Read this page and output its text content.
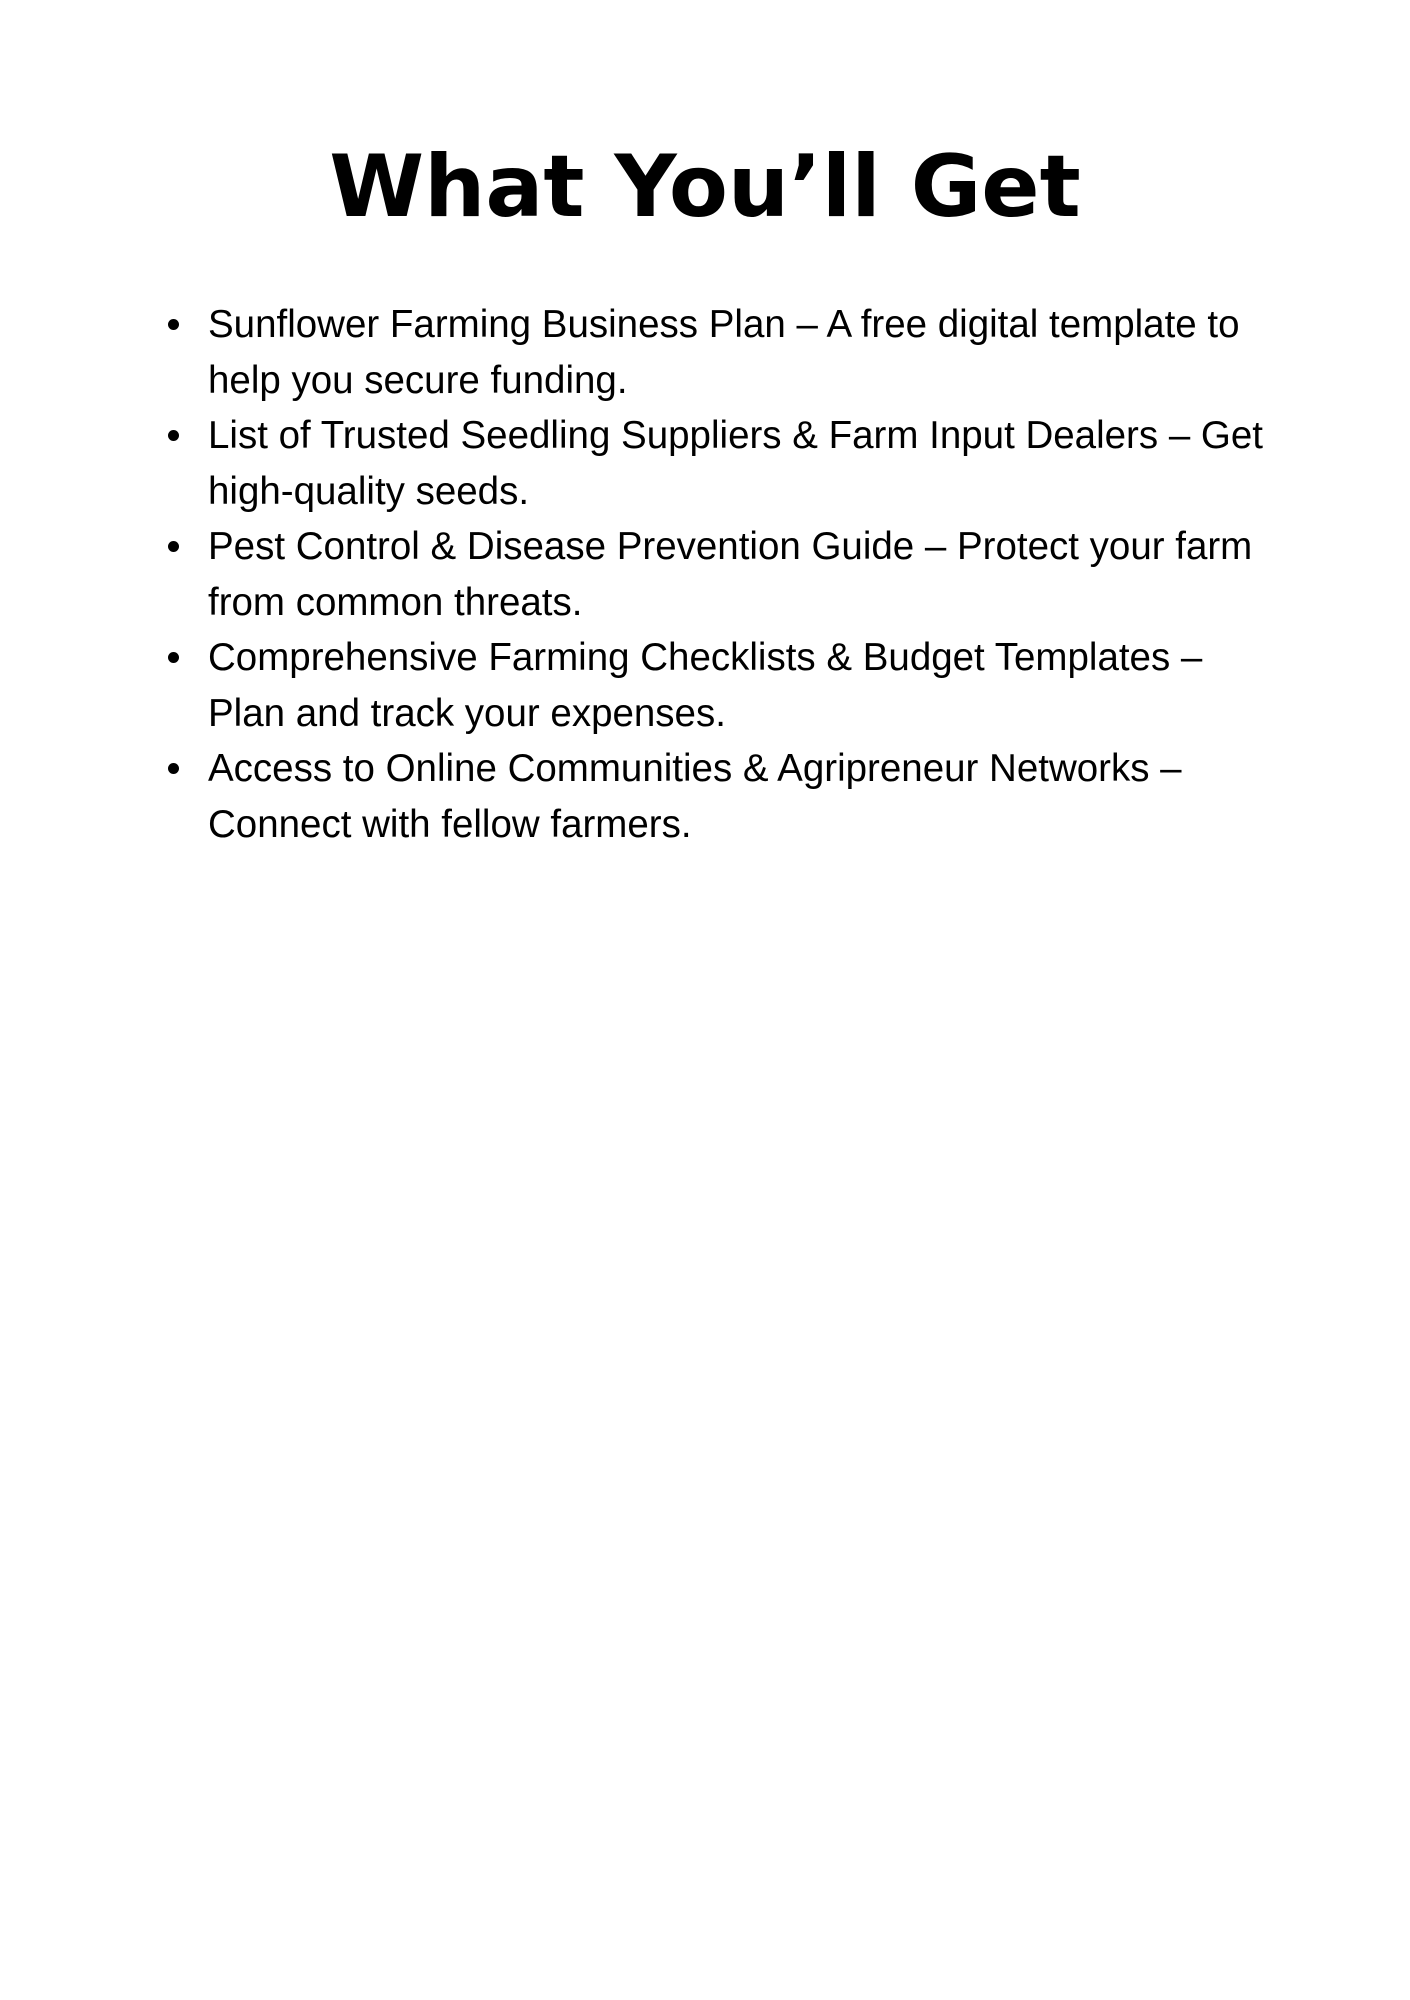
What You’ll Get
Sunflower Farming Business Plan – A free digital template to help you secure funding.
List of Trusted Seedling Suppliers & Farm Input Dealers – Get high-quality seeds.
Pest Control & Disease Prevention Guide – Protect your farm from common threats.
Comprehensive Farming Checklists & Budget Templates – Plan and track your expenses.
Access to Online Communities & Agripreneur Networks – Connect with fellow farmers.
